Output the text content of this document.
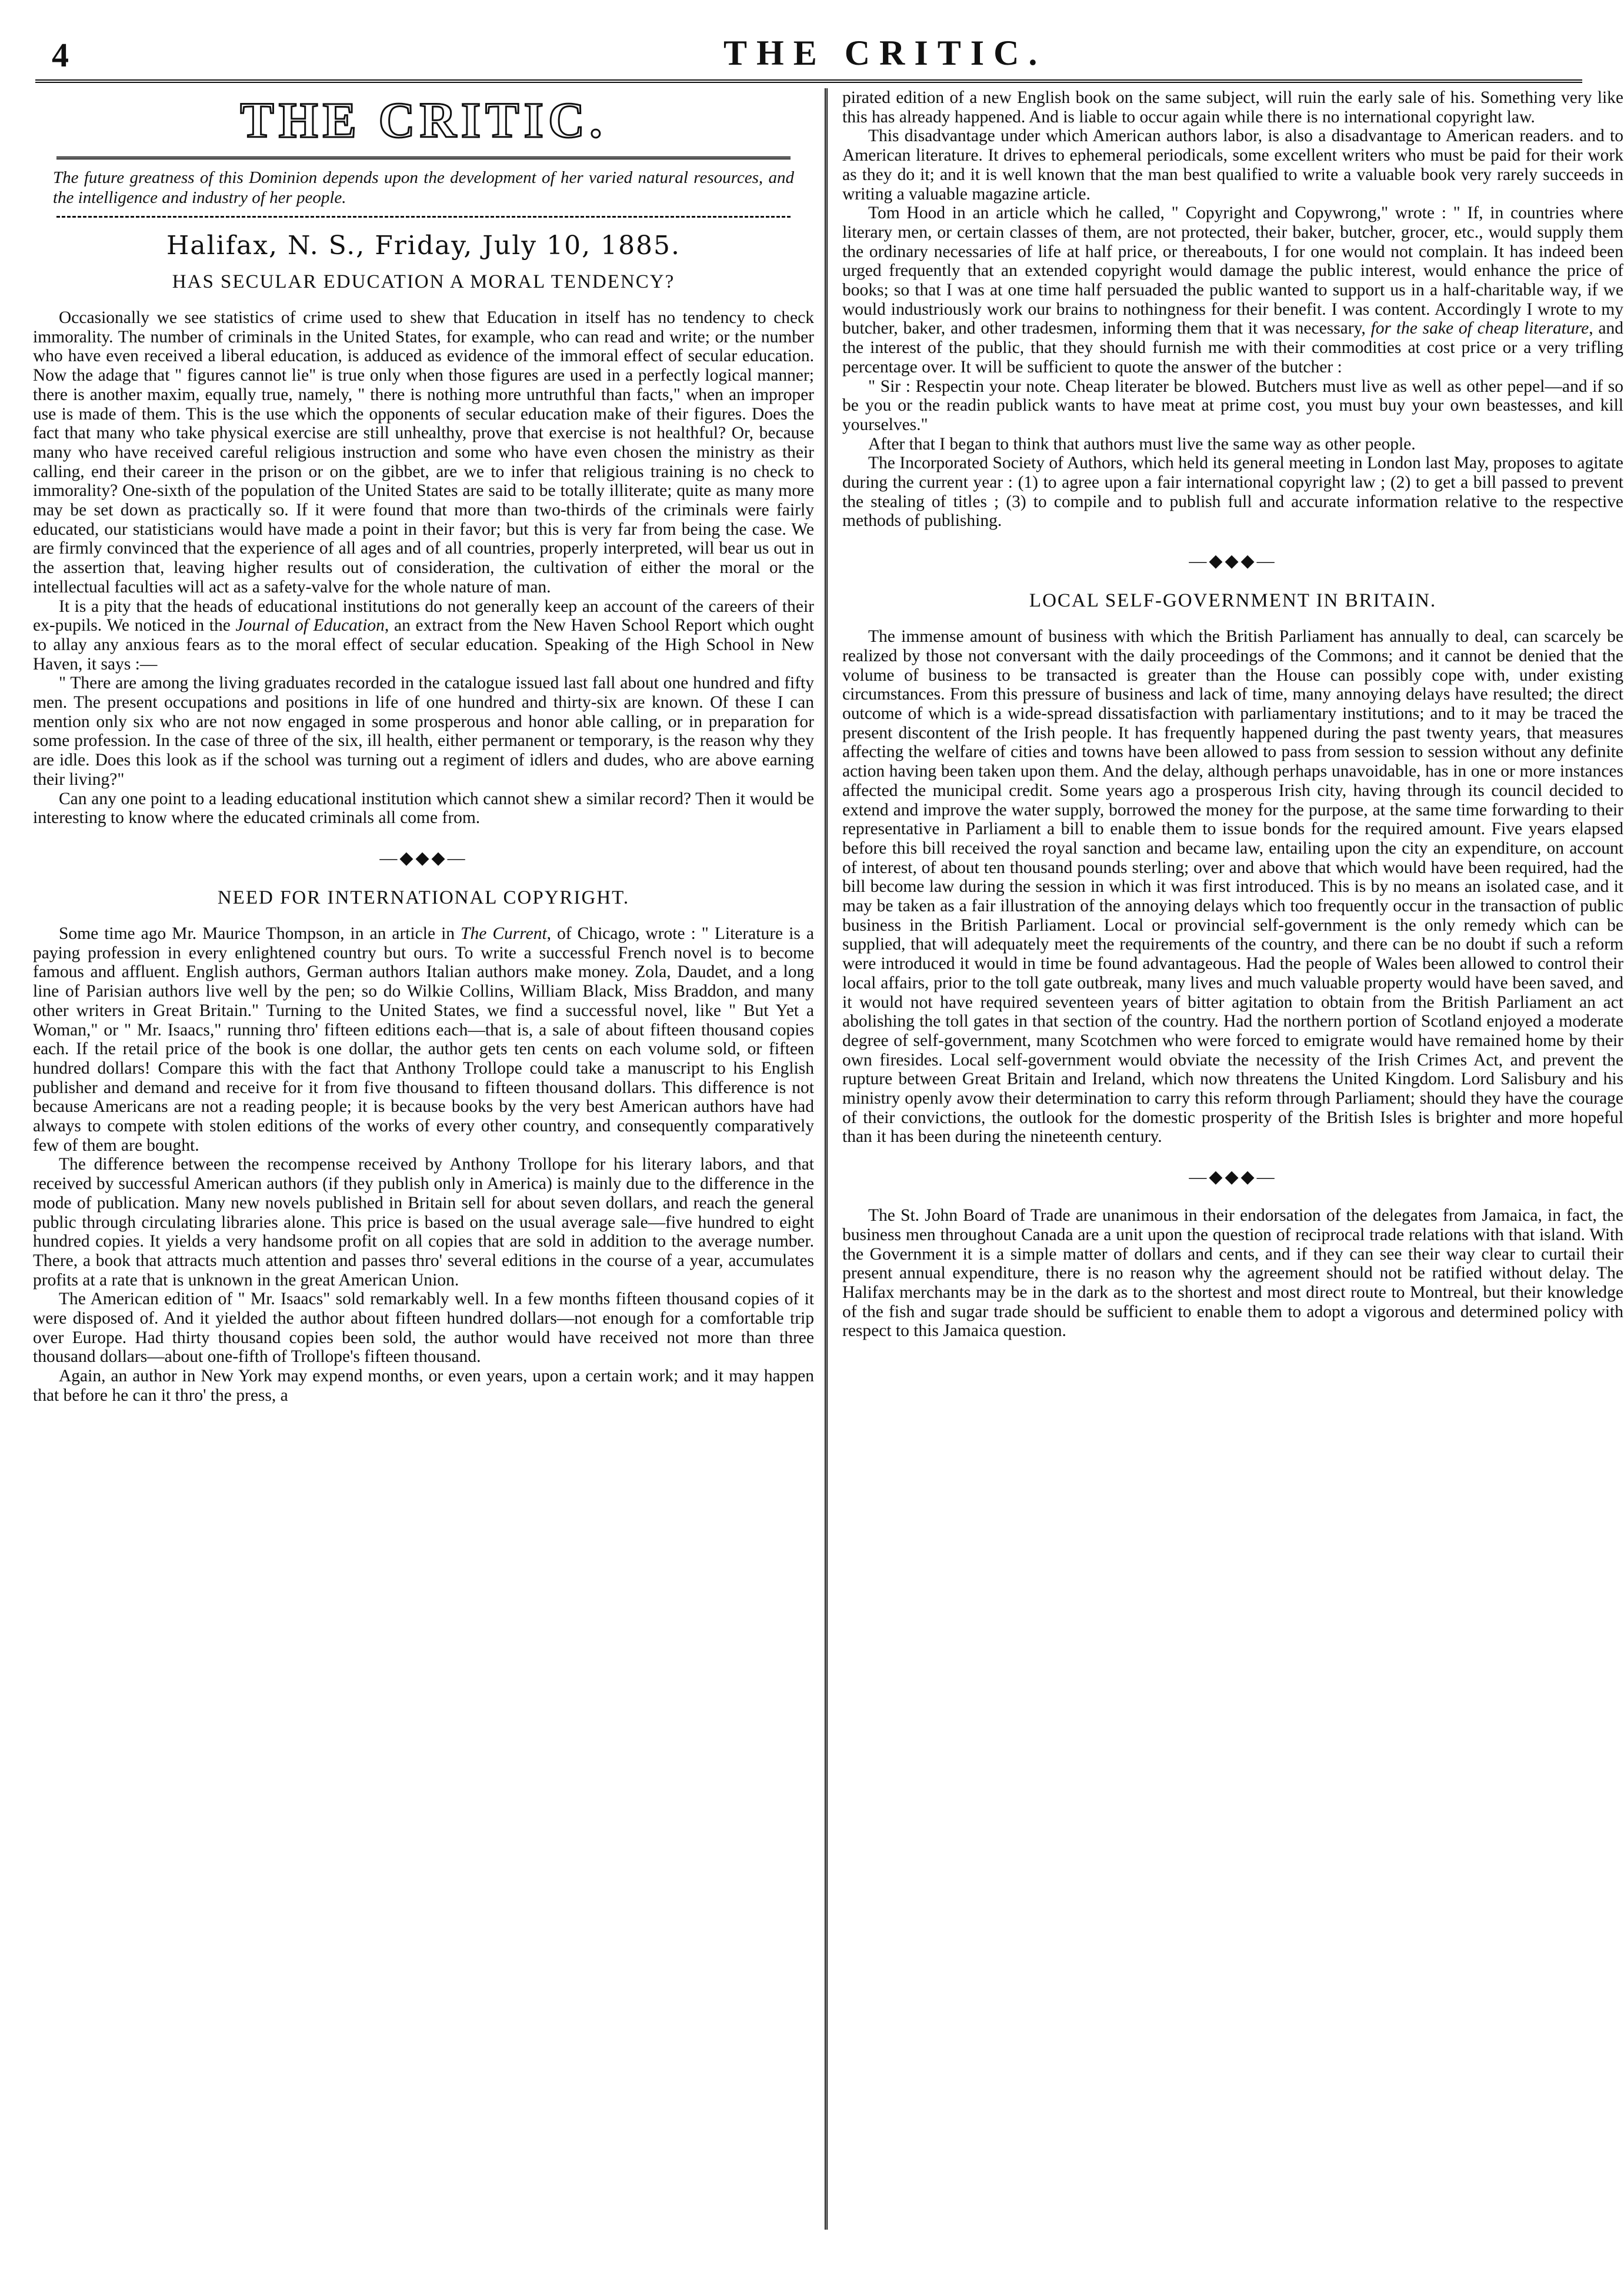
4	THE CRITIC.
THE CRITIC.

The future greatness of this Dominion depends upon the development of her varied natural resources, and the intelligence and industry of her people.

Halifax, N. S., Friday, July 10, 1885.
HAS SECULAR EDUCATION A MORAL TENDENCY?

Occasionally we see statistics of crime used to shew that Education in itself has no tendency to check immorality. The number of criminals in the United States, for example, who can read and write; or the number who have even received a liberal education, is adduced as evidence of the immoral effect of secular education. Now the adage that " figures cannot lie" is true only when those figures are used in a perfectly logical manner; there is another maxim, equally true, namely, " there is nothing more untruthful than facts," when an improper use is made of them. This is the use which the opponents of secular education make of their figures. Does the fact that many who take physical exercise are still unhealthy, prove that exercise is not healthful? Or, because many who have received careful religious instruction and some who have even chosen the ministry as their calling, end their career in the prison or on the gibbet, are we to infer that religious training is no check to immorality? One-sixth of the population of the United States are said to be totally illiterate; quite as many more may be set down as practically so. If it were found that more than two-thirds of the criminals were fairly educated, our statisticians would have made a point in their favor; but this is very far from being the case. We are firmly convinced that the experience of all ages and of all countries, properly interpreted, will bear us out in the assertion that, leaving higher results out of consideration, the cultivation of either the moral or the intellectual faculties will act as a safety-valve for the whole nature of man.

It is a pity that the heads of educational institutions do not generally keep an account of the careers of their ex-pupils. We noticed in the Journal of Education, an extract from the New Haven School Report which ought to allay any anxious fears as to the moral effect of secular education. Speaking of the High School in New Haven, it says :—

" There are among the living graduates recorded in the catalogue issued last fall about one hundred and fifty men. The present occupations and positions in life of one hundred and thirty-six are known. Of these I can mention only six who are not now engaged in some prosperous and honor able calling, or in preparation for some profession. In the case of three of the six, ill health, either permanent or temporary, is the reason why they are idle. Does this look as if the school was turning out a regiment of idlers and dudes, who are above earning their living?"

Can any one point to a leading educational institution which cannot shew a similar record? Then it would be interesting to know where the educated criminals all come from.

—◆◆◆—
NEED FOR INTERNATIONAL COPYRIGHT.

Some time ago Mr. Maurice Thompson, in an article in The Current, of Chicago, wrote : " Literature is a paying profession in every enlightened country but ours. To write a successful French novel is to become famous and affluent. English authors, German authors Italian authors make money. Zola, Daudet, and a long line of Parisian authors live well by the pen; so do Wilkie Collins, William Black, Miss Braddon, and many other writers in Great Britain." Turning to the United States, we find a successful novel, like " But Yet a Woman," or " Mr. Isaacs," running thro' fifteen editions each—that is, a sale of about fifteen thousand copies each. If the retail price of the book is one dollar, the author gets ten cents on each volume sold, or fifteen hundred dollars! Compare this with the fact that Anthony Trollope could take a manuscript to his English publisher and demand and receive for it from five thousand to fifteen thousand dollars. This difference is not because Americans are not a reading people; it is because books by the very best American authors have had always to compete with stolen editions of the works of every other country, and consequently comparatively few of them are bought.

The difference between the recompense received by Anthony Trollope for his literary labors, and that received by successful American authors (if they publish only in America) is mainly due to the difference in the mode of publication. Many new novels published in Britain sell for about seven dollars, and reach the general public through circulating libraries alone. This price is based on the usual average sale—five hundred to eight hundred copies. It yields a very handsome profit on all copies that are sold in addition to the average number. There, a book that attracts much attention and passes thro' several editions in the course of a year, accumulates profits at a rate that is unknown in the great American Union.

The American edition of " Mr. Isaacs" sold remarkably well. In a few months fifteen thousand copies of it were disposed of. And it yielded the author about fifteen hundred dollars—not enough for a comfortable trip over Europe. Had thirty thousand copies been sold, the author would have received not more than three thousand dollars—about one-fifth of Trollope's fifteen thousand.

Again, an author in New York may expend months, or even years, upon a certain work; and it may happen that before he can it thro' the press, a

pirated edition of a new English book on the same subject, will ruin the early sale of his. Something very like this has already happened. And is liable to occur again while there is no international copyright law.

This disadvantage under which American authors labor, is also a disadvantage to American readers. and to American literature. It drives to ephemeral periodicals, some excellent writers who must be paid for their work as they do it; and it is well known that the man best qualified to write a valuable book very rarely succeeds in writing a valuable magazine article.

Tom Hood in an article which he called, " Copyright and Copywrong," wrote : " If, in countries where literary men, or certain classes of them, are not protected, their baker, butcher, grocer, etc., would supply them the ordinary necessaries of life at half price, or thereabouts, I for one would not complain. It has indeed been urged frequently that an extended copyright would damage the public interest, would enhance the price of books; so that I was at one time half persuaded the public wanted to support us in a half-charitable way, if we would industriously work our brains to nothingness for their benefit. I was content. Accordingly I wrote to my butcher, baker, and other tradesmen, informing them that it was necessary, for the sake of cheap literature, and the interest of the public, that they should furnish me with their commodities at cost price or a very trifling percentage over. It will be sufficient to quote the answer of the butcher :

" Sir : Respectin your note. Cheap literater be blowed. Butchers must live as well as other pepel—and if so be you or the readin publick wants to have meat at prime cost, you must buy your own beastesses, and kill yourselves."

After that I began to think that authors must live the same way as other people.

The Incorporated Society of Authors, which held its general meeting in London last May, proposes to agitate during the current year : (1) to agree upon a fair international copyright law ; (2) to get a bill passed to prevent the stealing of titles ; (3) to compile and to publish full and accurate information relative to the respective methods of publishing.

—◆◆◆—
LOCAL SELF-GOVERNMENT IN BRITAIN.

The immense amount of business with which the British Parliament has annually to deal, can scarcely be realized by those not conversant with the daily proceedings of the Commons; and it cannot be denied that the volume of business to be transacted is greater than the House can possibly cope with, under existing circumstances. From this pressure of business and lack of time, many annoying delays have resulted; the direct outcome of which is a wide-spread dissatisfaction with parliamentary institutions; and to it may be traced the present discontent of the Irish people. It has frequently happened during the past twenty years, that measures affecting the welfare of cities and towns have been allowed to pass from session to session without any definite action having been taken upon them. And the delay, although perhaps unavoidable, has in one or more instances affected the municipal credit. Some years ago a prosperous Irish city, having through its council decided to extend and improve the water supply, borrowed the money for the purpose, at the same time forwarding to their representative in Parliament a bill to enable them to issue bonds for the required amount. Five years elapsed before this bill received the royal sanction and became law, entailing upon the city an expenditure, on account of interest, of about ten thousand pounds sterling; over and above that which would have been required, had the bill become law during the session in which it was first introduced. This is by no means an isolated case, and it may be taken as a fair illustration of the annoying delays which too frequently occur in the transaction of public business in the British Parliament. Local or provincial self-government is the only remedy which can be supplied, that will adequately meet the requirements of the country, and there can be no doubt if such a reform were introduced it would in time be found advantageous. Had the people of Wales been allowed to control their local affairs, prior to the toll gate outbreak, many lives and much valuable property would have been saved, and it would not have required seventeen years of bitter agitation to obtain from the British Parliament an act abolishing the toll gates in that section of the country. Had the northern portion of Scotland enjoyed a moderate degree of self-government, many Scotchmen who were forced to emigrate would have remained home by their own firesides. Local self-government would obviate the necessity of the Irish Crimes Act, and prevent the rupture between Great Britain and Ireland, which now threatens the United Kingdom. Lord Salisbury and his ministry openly avow their determination to carry this reform through Parliament; should they have the courage of their convictions, the outlook for the domestic prosperity of the British Isles is brighter and more hopeful than it has been during the nineteenth century.

—◆◆◆—

The St. John Board of Trade are unanimous in their endorsation of the delegates from Jamaica, in fact, the business men throughout Canada are a unit upon the question of reciprocal trade relations with that island. With the Government it is a simple matter of dollars and cents, and if they can see their way clear to curtail their present annual expenditure, there is no reason why the agreement should not be ratified without delay. The Halifax merchants may be in the dark as to the shortest and most direct route to Montreal, but their knowledge of the fish and sugar trade should be sufficient to enable them to adopt a vigorous and determined policy with respect to this Jamaica question.
